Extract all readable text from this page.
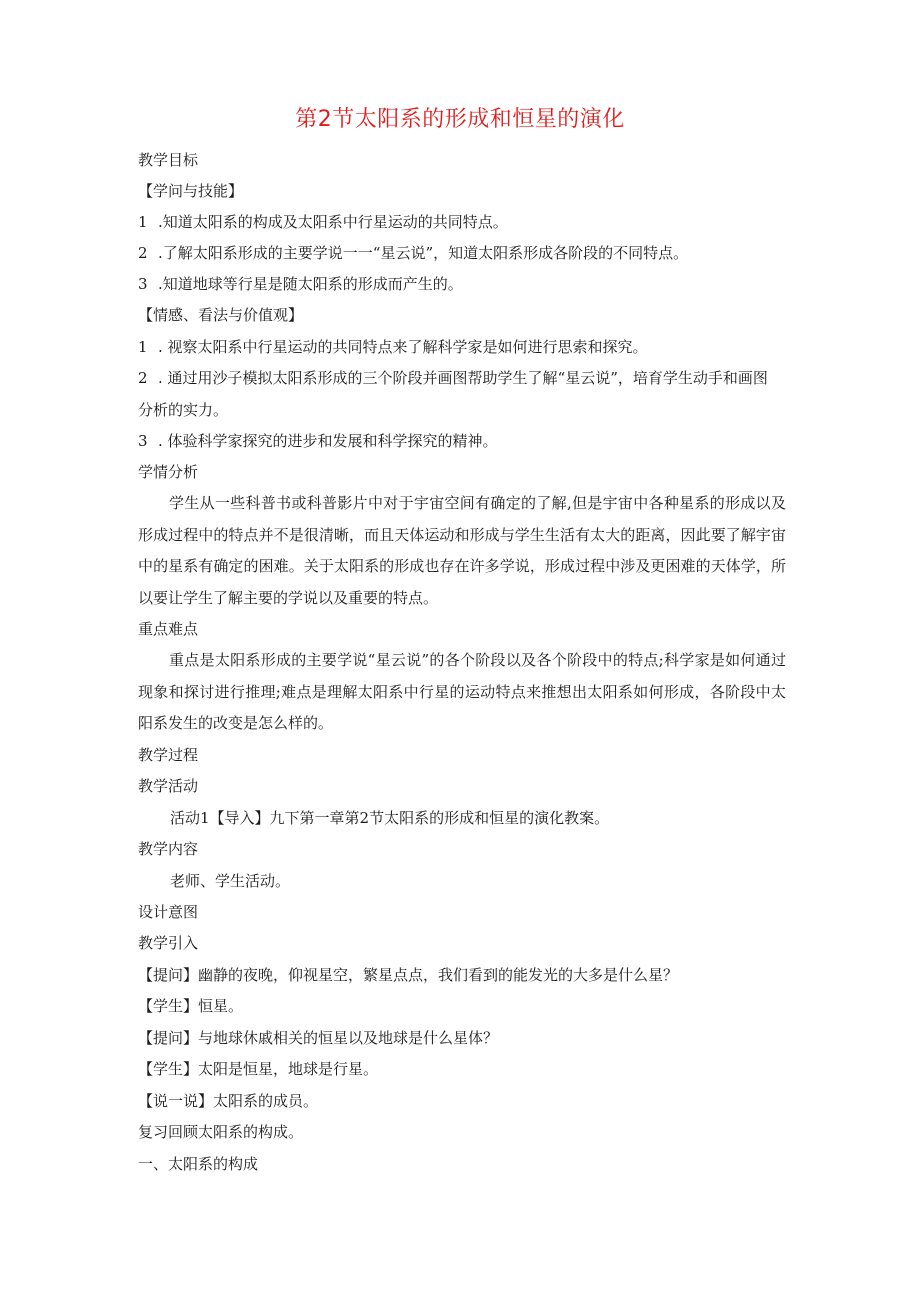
第2节太阳系的形成和恒星的演化
教学目标
【学问与技能】
1 .知道太阳系的构成及太阳系中行星运动的共同特点。
2 .了解太阳系形成的主要学说一一“星云说”，知道太阳系形成各阶段的不同特点。
3 .知道地球等行星是随太阳系的形成而产生的。
【情感、看法与价值观】
1 . 视察太阳系中行星运动的共同特点来了解科学家是如何进行思索和探究。
2 . 通过用沙子模拟太阳系形成的三个阶段并画图帮助学生了解“星云说”，培育学生动手和画图分析的实力。
3 . 体验科学家探究的进步和发展和科学探究的精神。
学情分析
学生从一些科普书或科普影片中对于宇宙空间有确定的了解,但是宇宙中各种星系的形成以及形成过程中的特点并不是很清晰，而且天体运动和形成与学生生活有太大的距离，因此要了解宇宙中的星系有确定的困难。关于太阳系的形成也存在许多学说，形成过程中涉及更困难的天体学，所以要让学生了解主要的学说以及重要的特点。
重点难点
重点是太阳系形成的主要学说“星云说”的各个阶段以及各个阶段中的特点;科学家是如何通过现象和探讨进行推理;难点是理解太阳系中行星的运动特点来推想出太阳系如何形成，各阶段中太阳系发生的改变是怎么样的。
教学过程
教学活动
活动1【导入】九下第一章第2节太阳系的形成和恒星的演化教案。
教学内容
老师、学生活动。
设计意图
教学引入
【提问】幽静的夜晚，仰视星空，繁星点点，我们看到的能发光的大多是什么星？
【学生】恒星。
【提问】与地球休戚相关的恒星以及地球是什么星体？
【学生】太阳是恒星，地球是行星。
【说一说】太阳系的成员。
复习回顾太阳系的构成。
一、太阳系的构成
